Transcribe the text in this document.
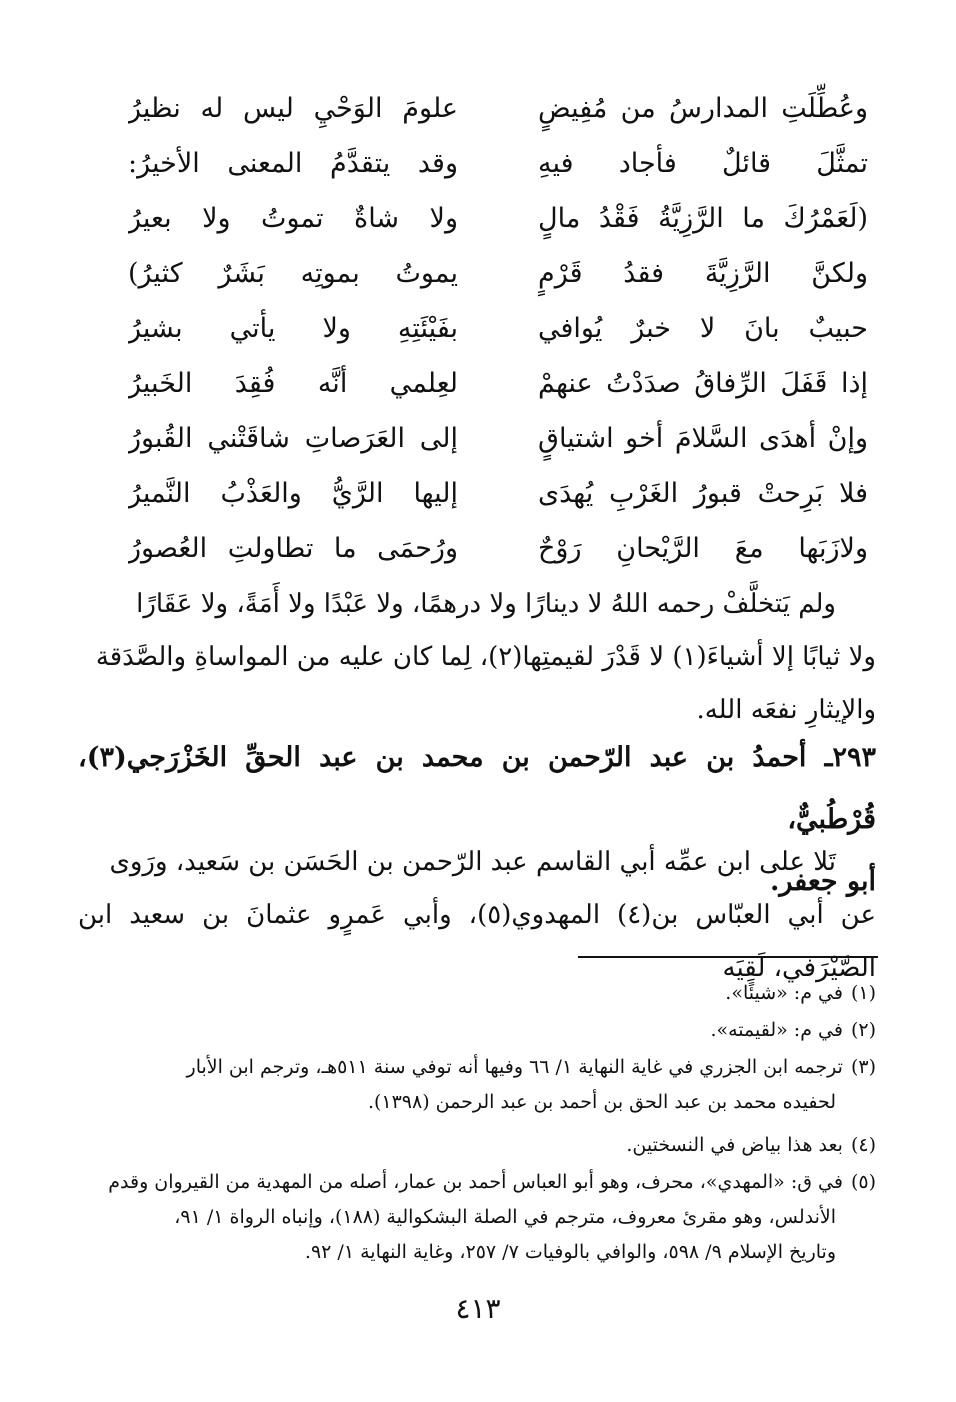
وعُطِّلَتِ المدارسُ من مُفِيضٍ
علومَ الوَحْيِ ليس له نظيرُ
تمثَّلَ قائلٌ فأجاد فيهِ
وقد يتقدَّمُ المعنى الأخيرُ:
(لَعَمْرُكَ ما الرَّزِيَّةُ فَقْدُ مالٍ
ولا شاةٌ تموتُ ولا بعيرُ
ولكنَّ الرَّزِيَّةَ فقدُ قَرْمٍ
يموتُ بموتِه بَشَرٌ كثيرُ)
حبيبٌ بانَ لا خبرٌ يُوافي
بفَيْئَتِهِ ولا يأتي بشيرُ
إذا قَفَلَ الرِّفاقُ صدَدْتُ عنهمْ
لعِلمي أنَّه فُقِدَ الخَبيرُ
وإنْ أهدَى السَّلامَ أخو اشتياقٍ
إلى العَرَصاتِ شاقَتْني القُبورُ
فلا بَرِحتْ قبورُ الغَرْبِ يُهدَى
إليها الرَّيُّ والعَذْبُ النَّميرُ
ولازَبَها معَ الرَّيْحانِ رَوْحٌ
ورُحمَى ما تطاولتِ العُصورُ
ولم يَتخلَّفْ رحمه اللهُ لا دينارًا ولا درهمًا، ولا عَبْدًا ولا أَمَةً، ولا عَقَارًا
ولا ثيابًا إلا أشياءَ(١) لا قَدْرَ لقيمتِها(٢)، لِما كان عليه من المواساةِ والصَّدَقة
والإيثارِ نفعَه الله.
٢٩٣ـ أحمدُ بن عبد الرّحمن بن محمد بن عبد الحقِّ الخَزْرَجي(٣)، قُرْطُبيٌّ،
أبو جعفر.
تَلا على ابن عمِّه أبي القاسم عبد الرّحمن بن الحَسَن بن سَعيد، ورَوى
عن أبي العبّاس بن(٤) المهدوي(٥)، وأبي عَمرٍو عثمانَ بن سعيد ابن الصَّيْرَفي، لَقِيَه
(١)في م: «شيئًا».
(٢)في م: «لقيمته».
(٣)ترجمه ابن الجزري في غاية النهاية ١/ ٦٦ وفيها أنه توفي سنة ٥١١هـ، وترجم ابن الأبار
لحفيده محمد بن عبد الحق بن أحمد بن عبد الرحمن (١٣٩٨).
(٤)بعد هذا بياض في النسختين.
(٥)في ق: «المهدي»، محرف، وهو أبو العباس أحمد بن عمار، أصله من المهدية من القيروان وقدم
الأندلس، وهو مقرئ معروف، مترجم في الصلة البشكوالية (١٨٨)، وإنباه الرواة ١/ ٩١،
وتاريخ الإسلام ٩/ ٥٩٨، والوافي بالوفيات ٧/ ٢٥٧، وغاية النهاية ١/ ٩٢.
٤١٣
